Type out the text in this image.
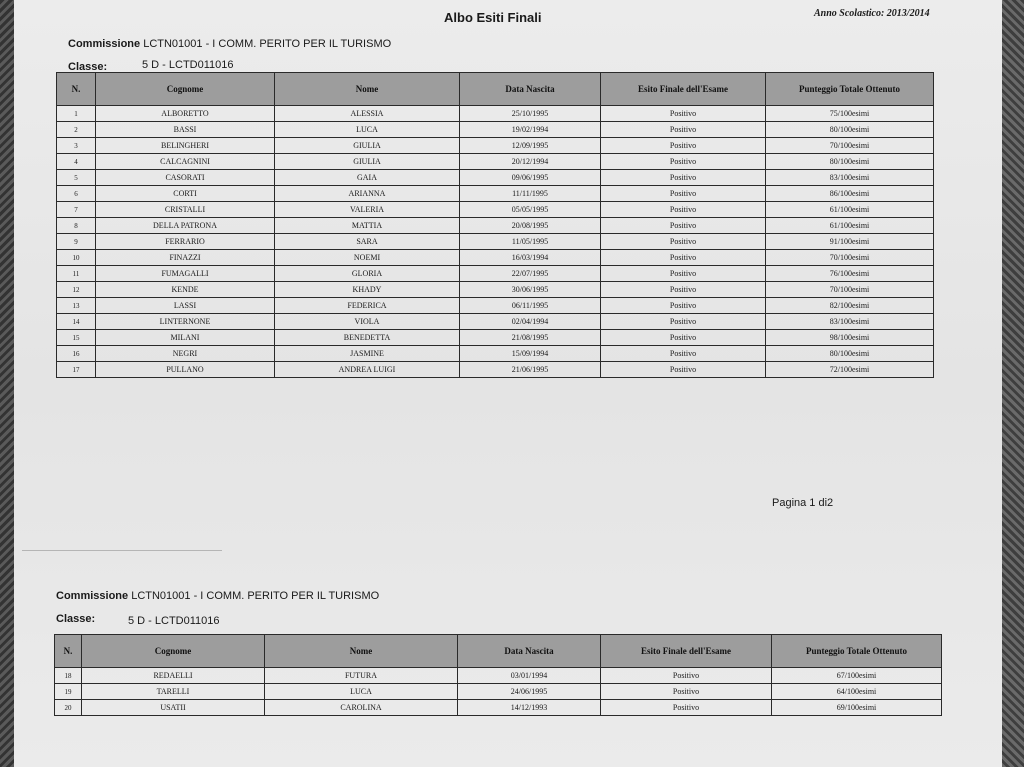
Anno Scolastico: 2013/2014
Albo Esiti Finali
Commissione LCTN01001 - I COMM. PERITO PER IL TURISMO
Classe:	5 D - LCTD011016
N.	Cognome	Nome	Data Nascita	Esito Finale dell'Esame	Punteggio Totale Ottenuto
1	ALBORETTO	ALESSIA	25/10/1995	Positivo	75/100esimi
2	BASSI	LUCA	19/02/1994	Positivo	80/100esimi
3	BELINGHERI	GIULIA	12/09/1995	Positivo	70/100esimi
4	CALCAGNINI	GIULIA	20/12/1994	Positivo	80/100esimi
5	CASORATI	GAIA	09/06/1995	Positivo	83/100esimi
6	CORTI	ARIANNA	11/11/1995	Positivo	86/100esimi
7	CRISTALLI	VALERIA	05/05/1995	Positivo	61/100esimi
8	DELLA PATRONA	MATTIA	20/08/1995	Positivo	61/100esimi
9	FERRARIO	SARA	11/05/1995	Positivo	91/100esimi
10	FINAZZI	NOEMI	16/03/1994	Positivo	70/100esimi
11	FUMAGALLI	GLORIA	22/07/1995	Positivo	76/100esimi
12	KENDE	KHADY	30/06/1995	Positivo	70/100esimi
13	LASSI	FEDERICA	06/11/1995	Positivo	82/100esimi
14	LINTERNONE	VIOLA	02/04/1994	Positivo	83/100esimi
15	MILANI	BENEDETTA	21/08/1995	Positivo	98/100esimi
16	NEGRI	JASMINE	15/09/1994	Positivo	80/100esimi
17	PULLANO	ANDREA LUIGI	21/06/1995	Positivo	72/100esimi
Pagina 1 di2
Commissione LCTN01001 - I COMM. PERITO PER IL TURISMO
Classe:	5 D - LCTD011016
N.	Cognome	Nome	Data Nascita	Esito Finale dell'Esame	Punteggio Totale Ottenuto
18	REDAELLI	FUTURA	03/01/1994	Positivo	67/100esimi
19	TARELLI	LUCA	24/06/1995	Positivo	64/100esimi
20	USATII	CAROLINA	14/12/1993	Positivo	69/100esimi
